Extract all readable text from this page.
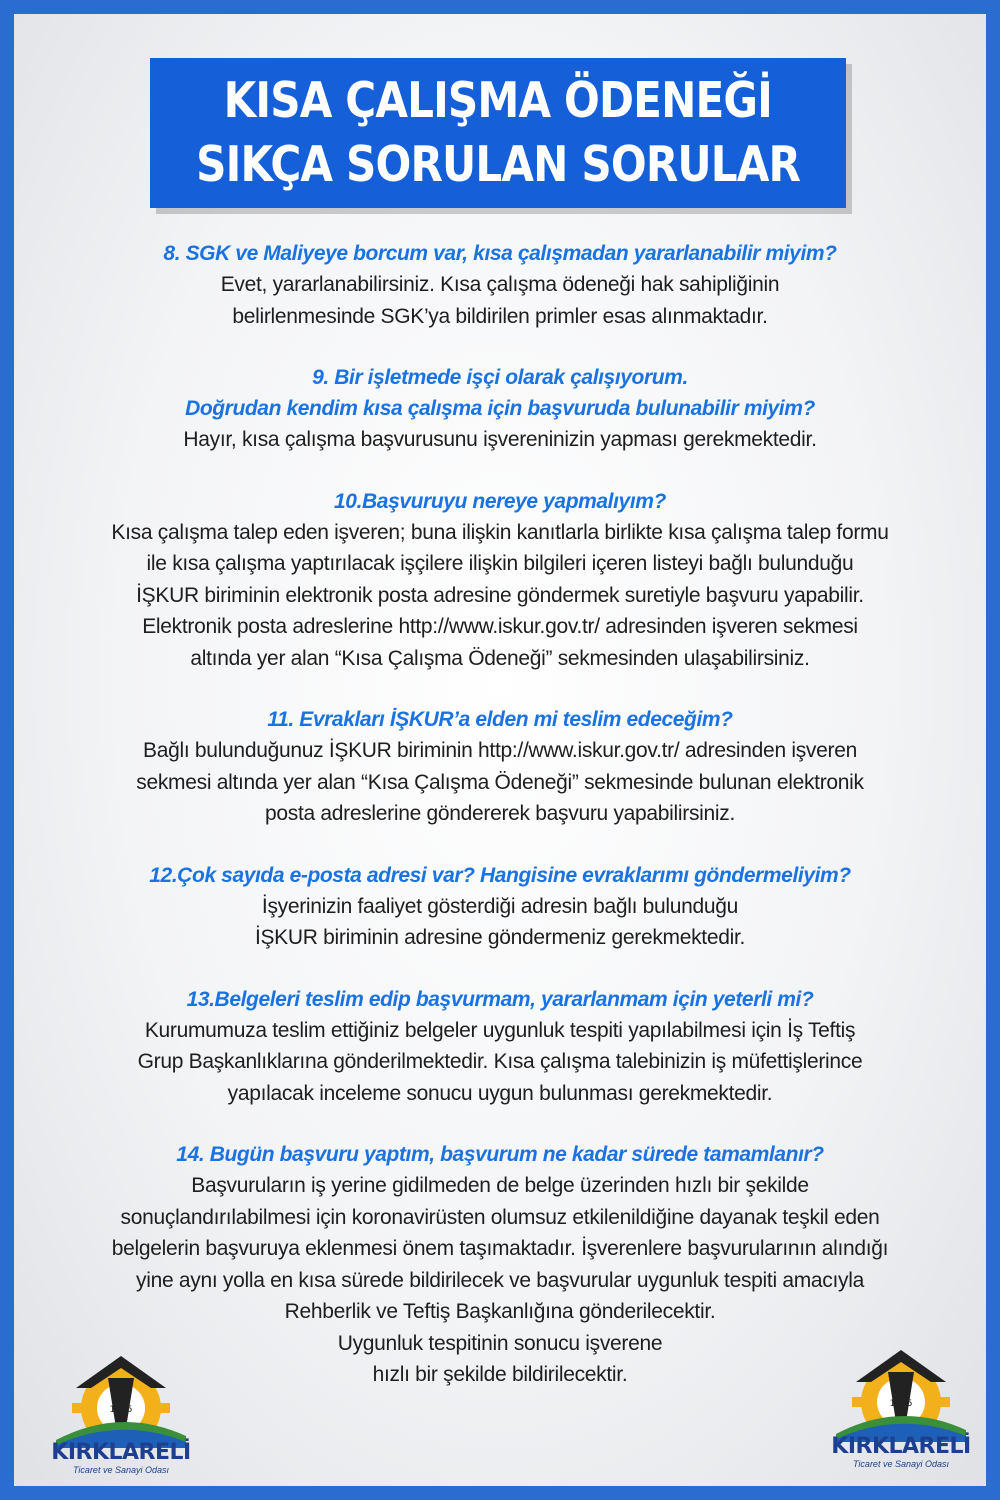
KISA ÇALIŞMA ÖDENEĞİ
SIKÇA SORULAN SORULAR
8. SGK ve Maliyeye borcum var, kısa çalışmadan yararlanabilir miyim?
Evet, yararlanabilirsiniz. Kısa çalışma ödeneği hak sahipliğinin
belirlenmesinde SGK’ya bildirilen primler esas alınmaktadır.
9. Bir işletmede işçi olarak çalışıyorum.
Doğrudan kendim kısa çalışma için başvuruda bulunabilir miyim?
Hayır, kısa çalışma başvurusunu işvereninizin yapması gerekmektedir.
10.Başvuruyu nereye yapmalıyım?
Kısa çalışma talep eden işveren; buna ilişkin kanıtlarla birlikte kısa çalışma talep formu
ile kısa çalışma yaptırılacak işçilere ilişkin bilgileri içeren listeyi bağlı bulunduğu
İŞKUR biriminin elektronik posta adresine göndermek suretiyle başvuru yapabilir.
Elektronik posta adreslerine http://www.iskur.gov.tr/ adresinden işveren sekmesi
altında yer alan “Kısa Çalışma Ödeneği” sekmesinden ulaşabilirsiniz.
11. Evrakları İŞKUR’a elden mi teslim edeceğim?
Bağlı bulunduğunuz İŞKUR biriminin http://www.iskur.gov.tr/ adresinden işveren
sekmesi altında yer alan “Kısa Çalışma Ödeneği” sekmesinde bulunan elektronik
posta adreslerine göndererek başvuru yapabilirsiniz.
12.Çok sayıda e-posta adresi var? Hangisine evraklarımı göndermeliyim?
İşyerinizin faaliyet gösterdiği adresin bağlı bulunduğu
İŞKUR biriminin adresine göndermeniz gerekmektedir.
13.Belgeleri teslim edip başvurmam, yararlanmam için yeterli mi?
Kurumumuza teslim ettiğiniz belgeler uygunluk tespiti yapılabilmesi için İş Teftiş
Grup Başkanlıklarına gönderilmektedir. Kısa çalışma talebinizin iş müfettişlerince
yapılacak inceleme sonucu uygun bulunması gerekmektedir.
14. Bugün başvuru yaptım, başvurum ne kadar sürede tamamlanır?
Başvuruların iş yerine gidilmeden de belge üzerinden hızlı bir şekilde
sonuçlandırılabilmesi için koronavirüsten olumsuz etkilenildiğine dayanak teşkil eden
belgelerin başvuruya eklenmesi önem taşımaktadır. İşverenlere başvurularının alındığı
yine aynı yolla en kısa sürede bildirilecek ve başvurular uygunluk tespiti amacıyla
Rehberlik ve Teftiş Başkanlığına gönderilecektir.
Uygunluk tespitinin sonucu işverene
hızlı bir şekilde bildirilecektir.
1925
KIRKLARELİ
Ticaret ve Sanayi Odası
1925
KIRKLARELİ
Ticaret ve Sanayi Odası
